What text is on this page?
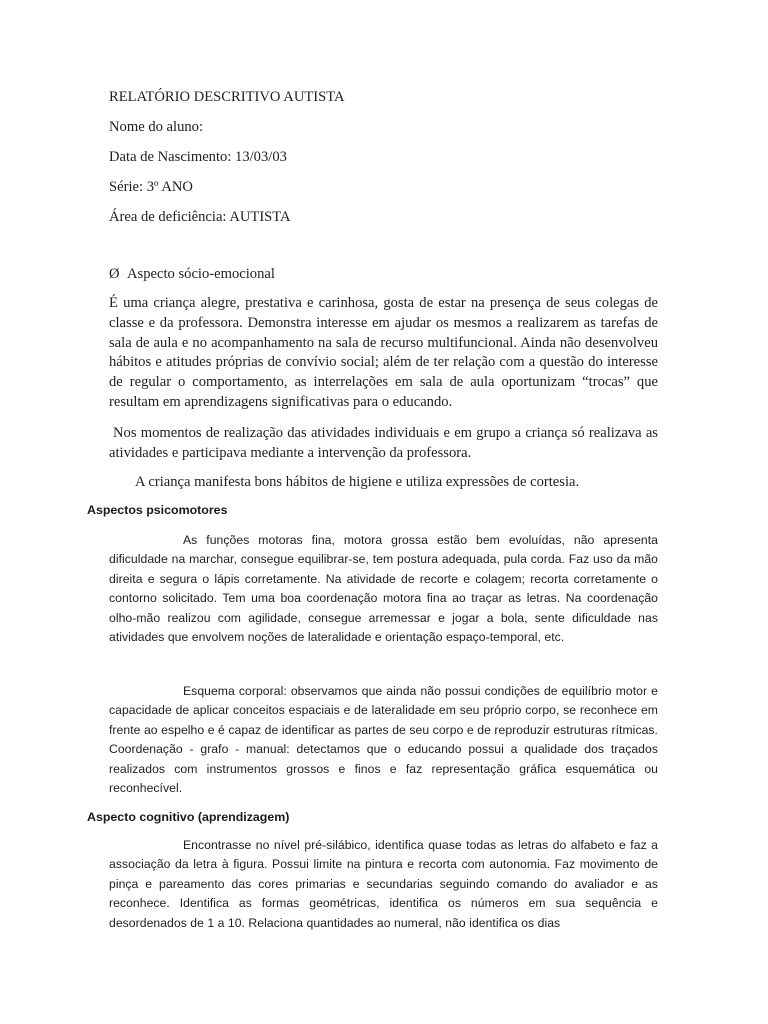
RELATÓRIO DESCRITIVO AUTISTA
Nome do aluno:
Data de Nascimento: 13/03/03
Série: 3º ANO
Área de deficiência: AUTISTA
Ø Aspecto sócio-emocional
É uma criança alegre, prestativa e carinhosa, gosta de estar na presença de seus colegas de classe e da professora. Demonstra interesse em ajudar os mesmos a realizarem as tarefas de sala de aula e no acompanhamento na sala de recurso multifuncional. Ainda não desenvolveu hábitos e atitudes próprias de convívio social; além de ter relação com a questão do interesse de regular o comportamento, as interrelações em sala de aula oportunizam “trocas” que resultam em aprendizagens significativas para o educando.
Nos momentos de realização das atividades individuais e em grupo a criança só realizava as atividades e participava mediante a intervenção da professora.
A criança manifesta bons hábitos de higiene e utiliza expressões de cortesia.
Aspectos psicomotores
As funções motoras fina, motora grossa estão bem evoluídas, não apresenta dificuldade na marchar, consegue equilibrar-se, tem postura adequada, pula corda. Faz uso da mão direita e segura o lápis corretamente. Na atividade de recorte e colagem; recorta corretamente o contorno solicitado. Tem uma boa coordenação motora fina ao traçar as letras. Na coordenação olho-mão realizou com agilidade, consegue arremessar e jogar a bola, sente dificuldade nas atividades que envolvem noções de lateralidade e orientação espaço-temporal, etc.
Esquema corporal: observamos que ainda não possui condições de equilíbrio motor e capacidade de aplicar conceitos espaciais e de lateralidade em seu próprio corpo, se reconhece em frente ao espelho e é capaz de identificar as partes de seu corpo e de reproduzir estruturas rítmicas. Coordenação - grafo - manual: detectamos que o educando possui a qualidade dos traçados realizados com instrumentos grossos e finos e faz representação gráfica esquemática ou reconhecível.
Aspecto cognitivo (aprendizagem)
Encontrasse no nível pré-silábico, identifica quase todas as letras do alfabeto e faz a associação da letra à figura. Possui limite na pintura e recorta com autonomia. Faz movimento de pinça e pareamento das cores primarias e secundarias seguindo comando do avaliador e as reconhece. Identifica as formas geométricas, identifica os números em sua sequência e desordenados de 1 a 10. Relaciona quantidades ao numeral, não identifica os dias
